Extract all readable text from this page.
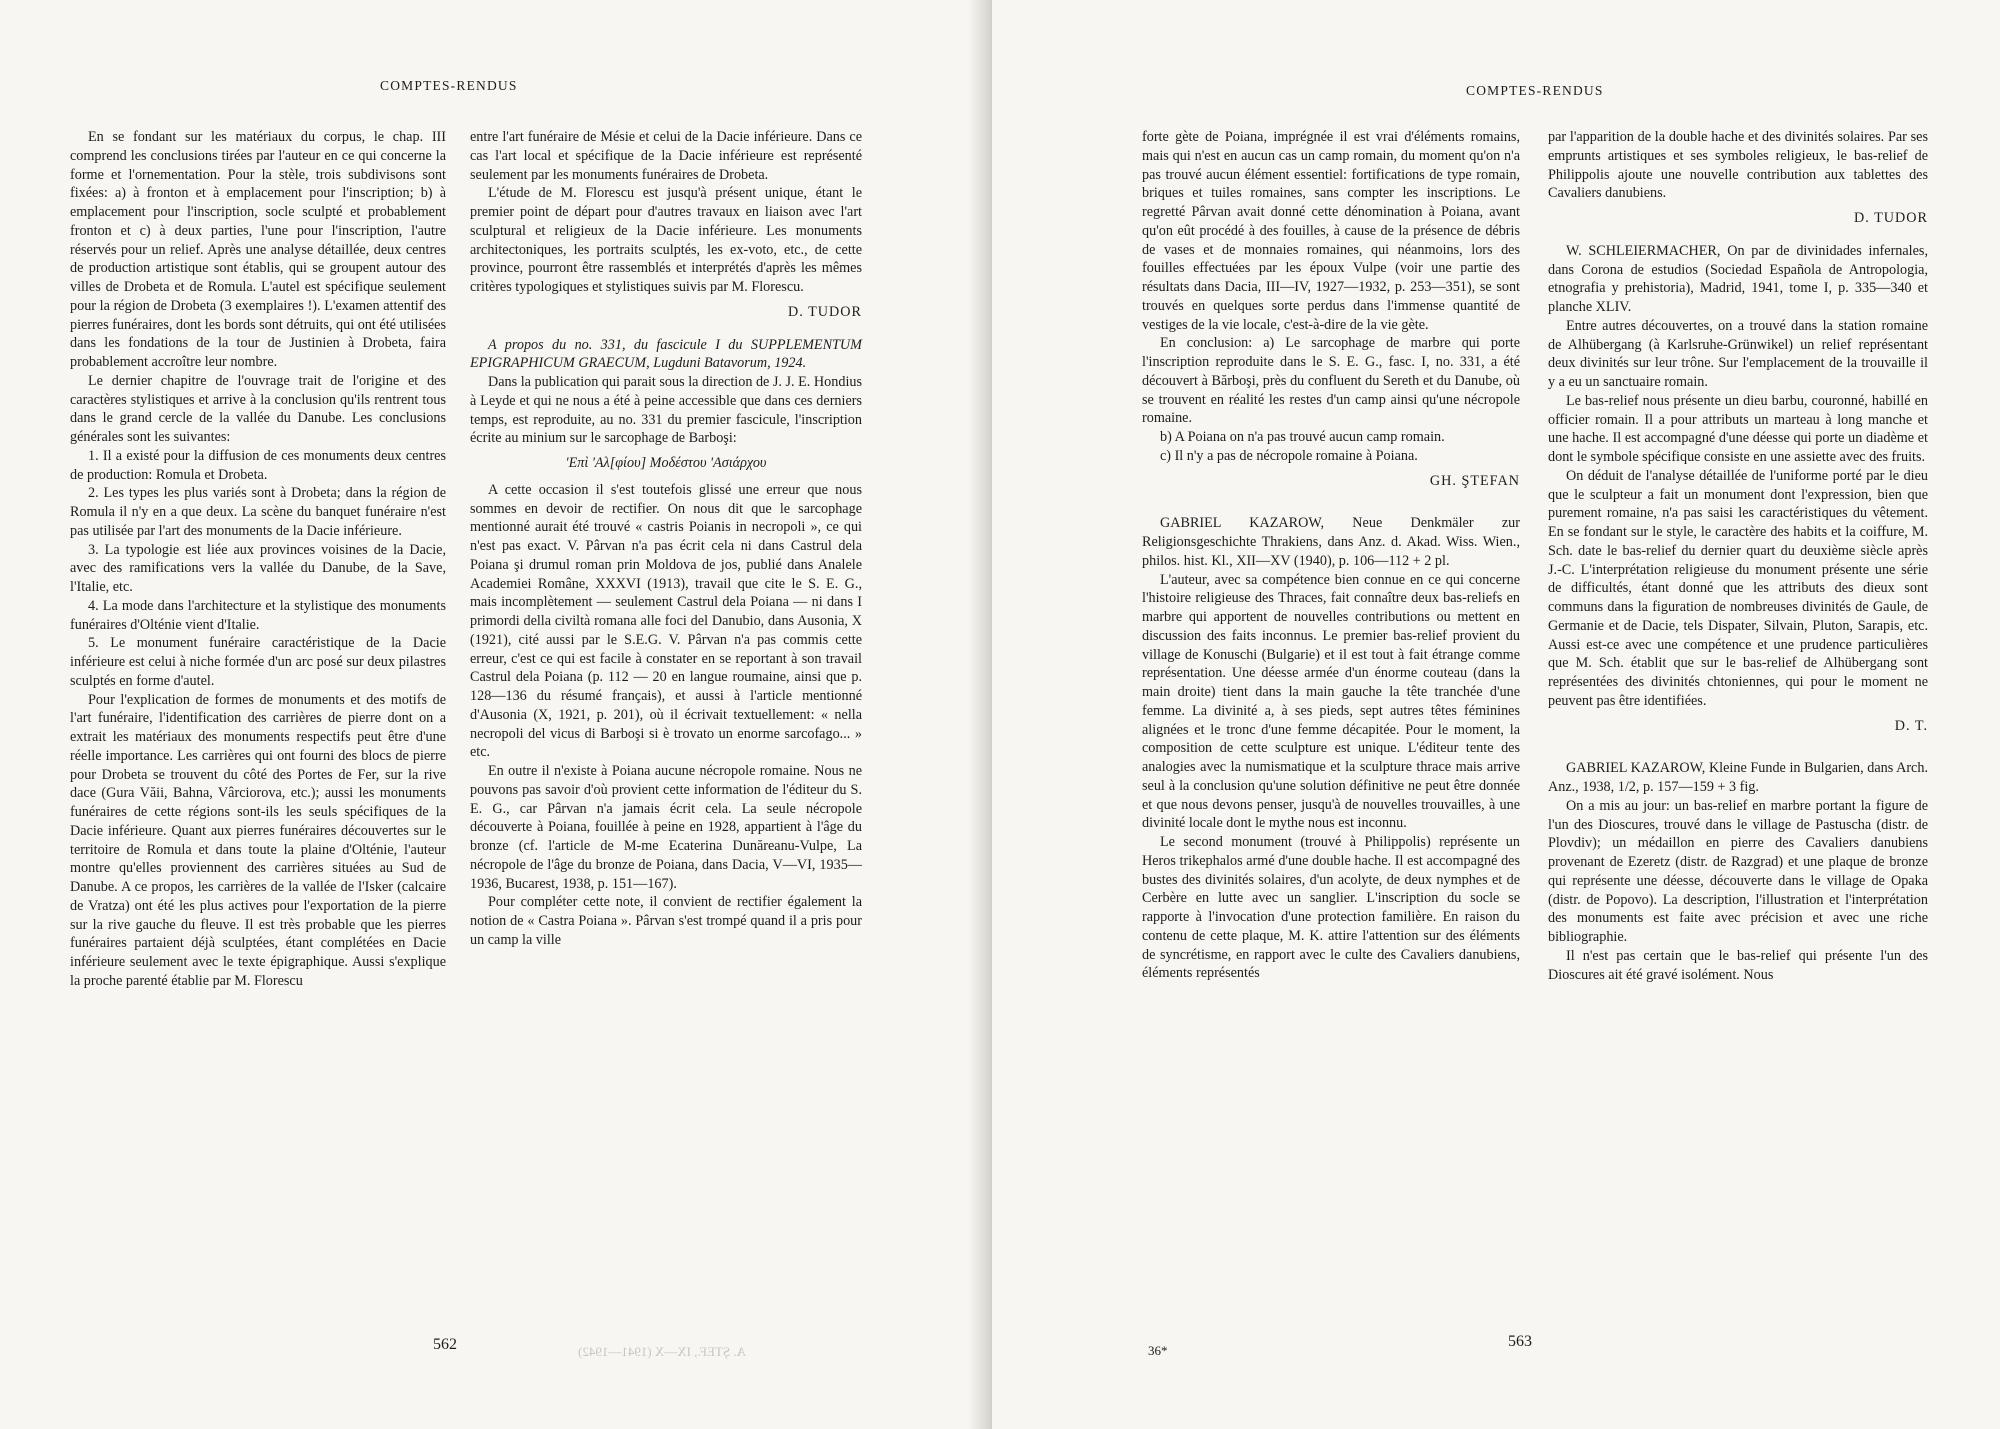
COMPTES-RENDUS

En se fondant sur les matériaux du corpus, le chap. III comprend les conclusions tirées par l'auteur en ce qui concerne la forme et l'ornementation. Pour la stèle, trois subdivisons sont fixées: a) à fronton et à emplacement pour l'inscription; b) à emplacement pour l'inscription, socle sculpté et probablement fronton et c) à deux parties, l'une pour l'inscription, l'autre réservés pour un relief. Après une analyse détaillée, deux centres de production artistique sont établis, qui se groupent autour des villes de Drobeta et de Romula. L'autel est spécifique seulement pour la région de Drobeta (3 exemplaires !). L'examen attentif des pierres funéraires, dont les bords sont détruits, qui ont été utilisées dans les fondations de la tour de Justinien à Drobeta, faira probablement accroître leur nombre.

Le dernier chapitre de l'ouvrage trait de l'origine et des caractères stylistiques et arrive à la conclusion qu'ils rentrent tous dans le grand cercle de la vallée du Danube. Les conclusions générales sont les suivantes:

1. Il a existé pour la diffusion de ces monuments deux centres de production: Romula et Drobeta.

2. Les types les plus variés sont à Drobeta; dans la région de Romula il n'y en a que deux. La scène du banquet funéraire n'est pas utilisée par l'art des monuments de la Dacie inférieure.

3. La typologie est liée aux provinces voisines de la Dacie, avec des ramifications vers la vallée du Danube, de la Save, l'Italie, etc.

4. La mode dans l'architecture et la stylistique des monuments funéraires d'Olténie vient d'Italie.

5. Le monument funéraire caractéristique de la Dacie inférieure est celui à niche formée d'un arc posé sur deux pilastres sculptés en forme d'autel.

Pour l'explication de formes de monuments et des motifs de l'art funéraire, l'identification des carrières de pierre dont on a extrait les matériaux des monuments respectifs peut être d'une réelle importance. Les carrières qui ont fourni des blocs de pierre pour Drobeta se trouvent du côté des Portes de Fer, sur la rive dace (Gura Văii, Bahna, Vârciorova, etc.); aussi les monuments funéraires de cette régions sont-ils les seuls spécifiques de la Dacie inférieure. Quant aux pierres funéraires découvertes sur le territoire de Romula et dans toute la plaine d'Olténie, l'auteur montre qu'elles proviennent des carrières situées au Sud de Danube. A ce propos, les carrières de la vallée de l'Isker (calcaire de Vratza) ont été les plus actives pour l'exportation de la pierre sur la rive gauche du fleuve. Il est très probable que les pierres funéraires partaient déjà sculptées, étant complétées en Dacie inférieure seulement avec le texte épigraphique. Aussi s'explique la proche parenté établie par M. Florescu

entre l'art funéraire de Mésie et celui de la Dacie inférieure. Dans ce cas l'art local et spécifique de la Dacie inférieure est représenté seulement par les monuments funéraires de Drobeta.

L'étude de M. Florescu est jusqu'à présent unique, étant le premier point de départ pour d'autres travaux en liaison avec l'art sculptural et religieux de la Dacie inférieure. Les monuments architectoniques, les portraits sculptés, les ex-voto, etc., de cette province, pourront être rassemblés et interprétés d'après les mêmes critères typologiques et stylistiques suivis par M. Florescu.

D. TUDOR

A propos du no. 331, du fascicule I du SUPPLEMENTUM EPIGRAPHICUM GRAECUM, Lugduni Batavorum, 1924.

Dans la publication qui parait sous la direction de J. J. E. Hondius à Leyde et qui ne nous a été à peine accessible que dans ces derniers temps, est reproduite, au no. 331 du premier fascicule, l'inscription écrite au minium sur le sarcophage de Barboşi:

'Επὶ 'Αλ[φίου] Μοδέστου 'Ασιάρχου

A cette occasion il s'est toutefois glissé une erreur que nous sommes en devoir de rectifier. On nous dit que le sarcophage mentionné aurait été trouvé « castris Poianis in necropoli », ce qui n'est pas exact. V. Pârvan n'a pas écrit cela ni dans Castrul dela Poiana şi drumul roman prin Moldova de jos, publié dans Analele Academiei Române, XXXVI (1913), travail que cite le S. E. G., mais incomplètement — seulement Castrul dela Poiana — ni dans I primordi della civiltà romana alle foci del Danubio, dans Ausonia, X (1921), cité aussi par le S.E.G. V. Pârvan n'a pas commis cette erreur, c'est ce qui est facile à constater en se reportant à son travail Castrul dela Poiana (p. 112 — 20 en langue roumaine, ainsi que p. 128—136 du résumé français), et aussi à l'article mentionné d'Ausonia (X, 1921, p. 201), où il écrivait textuellement: « nella necropoli del vicus di Barboşi si è trovato un enorme sarcofago... » etc.

En outre il n'existe à Poiana aucune nécropole romaine. Nous ne pouvons pas savoir d'où provient cette information de l'éditeur du S. E. G., car Pârvan n'a jamais écrit cela. La seule nécropole découverte à Poiana, fouillée à peine en 1928, appartient à l'âge du bronze (cf. l'article de M-me Ecaterina Dunăreanu-Vulpe, La nécropole de l'âge du bronze de Poiana, dans Dacia, V—VI, 1935—1936, Bucarest, 1938, p. 151—167).

Pour compléter cette note, il convient de rectifier également la notion de « Castra Poiana ». Pârvan s'est trompé quand il a pris pour un camp la ville

562	A. ŞTEF., IX—X (1941—1942)
COMPTES-RENDUS

forte gète de Poiana, imprégnée il est vrai d'éléments romains, mais qui n'est en aucun cas un camp romain, du moment qu'on n'a pas trouvé aucun élément essentiel: fortifications de type romain, briques et tuiles romaines, sans compter les inscriptions. Le regretté Pârvan avait donné cette dénomination à Poiana, avant qu'on eût procédé à des fouilles, à cause de la présence de débris de vases et de monnaies romaines, qui néanmoins, lors des fouilles effectuées par les époux Vulpe (voir une partie des résultats dans Dacia, III—IV, 1927—1932, p. 253—351), se sont trouvés en quelques sorte perdus dans l'immense quantité de vestiges de la vie locale, c'est-à-dire de la vie gète.

En conclusion: a) Le sarcophage de marbre qui porte l'inscription reproduite dans le S. E. G., fasc. I, no. 331, a été découvert à Bărboşi, près du confluent du Sereth et du Danube, où se trouvent en réalité les restes d'un camp ainsi qu'une nécropole romaine.

b) A Poiana on n'a pas trouvé aucun camp romain.

c) Il n'y a pas de nécropole romaine à Poiana.

GH. ŞTEFAN

GABRIEL KAZAROW, Neue Denkmäler zur Religionsgeschichte Thrakiens, dans Anz. d. Akad. Wiss. Wien., philos. hist. Kl., XII—XV (1940), p. 106—112 + 2 pl.

L'auteur, avec sa compétence bien connue en ce qui concerne l'histoire religieuse des Thraces, fait connaître deux bas-reliefs en marbre qui apportent de nouvelles contributions ou mettent en discussion des faits inconnus. Le premier bas-relief provient du village de Konuschi (Bulgarie) et il est tout à fait étrange comme représentation. Une déesse armée d'un énorme couteau (dans la main droite) tient dans la main gauche la tête tranchée d'une femme. La divinité a, à ses pieds, sept autres têtes féminines alignées et le tronc d'une femme décapitée. Pour le moment, la composition de cette sculpture est unique. L'éditeur tente des analogies avec la numismatique et la sculpture thrace mais arrive seul à la conclusion qu'une solution définitive ne peut être donnée et que nous devons penser, jusqu'à de nouvelles trouvailles, à une divinité locale dont le mythe nous est inconnu.

Le second monument (trouvé à Philippolis) représente un Heros trikephalos armé d'une double hache. Il est accompagné des bustes des divinités solaires, d'un acolyte, de deux nymphes et de Cerbère en lutte avec un sanglier. L'inscription du socle se rapporte à l'invocation d'une protection familière. En raison du contenu de cette plaque, M. K. attire l'attention sur des éléments de syncrétisme, en rapport avec le culte des Cavaliers danubiens, éléments représentés

par l'apparition de la double hache et des divinités solaires. Par ses emprunts artistiques et ses symboles religieux, le bas-relief de Philippolis ajoute une nouvelle contribution aux tablettes des Cavaliers danubiens.

D. TUDOR

W. SCHLEIERMACHER, On par de divinidades infernales, dans Corona de estudios (Sociedad Española de Antropologia, etnografia y prehistoria), Madrid, 1941, tome I, p. 335—340 et planche XLIV.

Entre autres découvertes, on a trouvé dans la station romaine de Alhübergang (à Karlsruhe-Grünwikel) un relief représentant deux divinités sur leur trône. Sur l'emplacement de la trouvaille il y a eu un sanctuaire romain.

Le bas-relief nous présente un dieu barbu, couronné, habillé en officier romain. Il a pour attributs un marteau à long manche et une hache. Il est accompagné d'une déesse qui porte un diadème et dont le symbole spécifique consiste en une assiette avec des fruits.

On déduit de l'analyse détaillée de l'uniforme porté par le dieu que le sculpteur a fait un monument dont l'expression, bien que purement romaine, n'a pas saisi les caractéristiques du vêtement. En se fondant sur le style, le caractère des habits et la coiffure, M. Sch. date le bas-relief du dernier quart du deuxième siècle après J.-C. L'interprétation religieuse du monument présente une série de difficultés, étant donné que les attributs des dieux sont communs dans la figuration de nombreuses divinités de Gaule, de Germanie et de Dacie, tels Dispater, Silvain, Pluton, Sarapis, etc. Aussi est-ce avec une compétence et une prudence particulières que M. Sch. établit que sur le bas-relief de Alhübergang sont représentées des divinités chtoniennes, qui pour le moment ne peuvent pas être identifiées.

D. T.

GABRIEL KAZAROW, Kleine Funde in Bulgarien, dans Arch. Anz., 1938, 1/2, p. 157—159 + 3 fig.

On a mis au jour: un bas-relief en marbre portant la figure de l'un des Dioscures, trouvé dans le village de Pastuscha (distr. de Plovdiv); un médaillon en pierre des Cavaliers danubiens provenant de Ezeretz (distr. de Razgrad) et une plaque de bronze qui représente une déesse, découverte dans le village de Opaka (distr. de Popovo). La description, l'illustration et l'interprétation des monuments est faite avec précision et avec une riche bibliographie.

Il n'est pas certain que le bas-relief qui présente l'un des Dioscures ait été gravé isolément. Nous

36*
563
